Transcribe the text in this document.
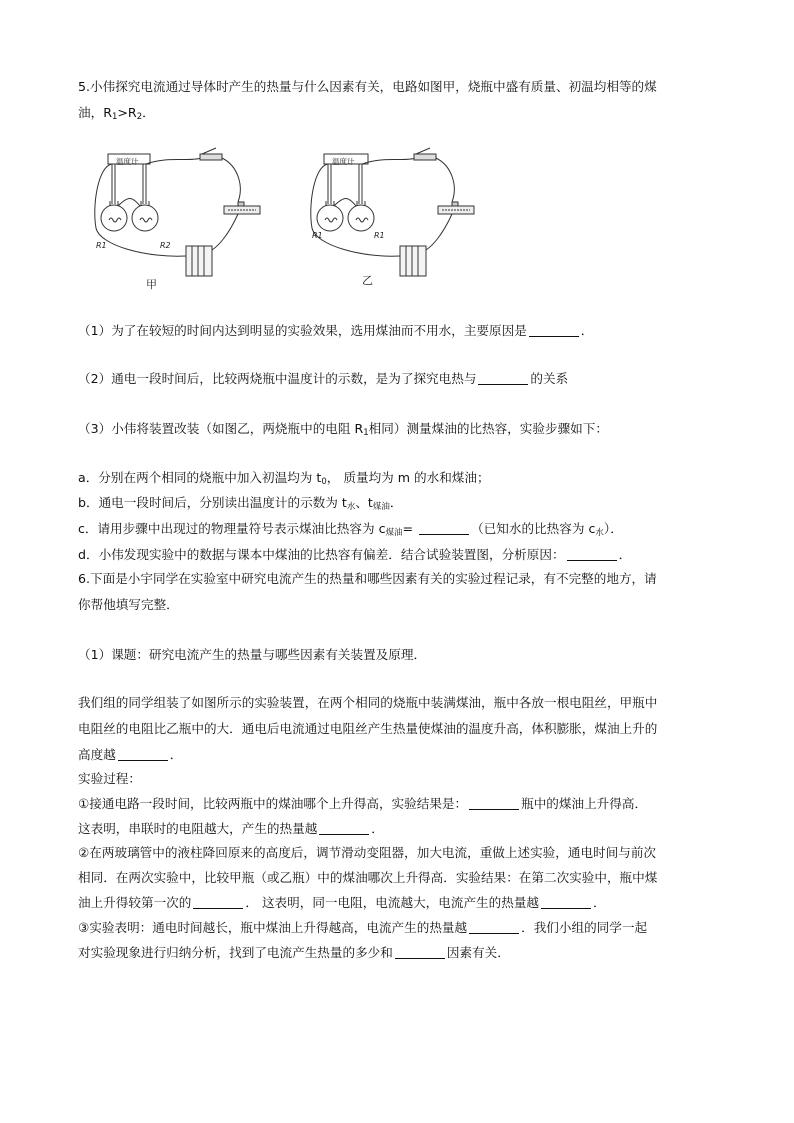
5.小伟探究电流通过导体时产生的热量与什么因素有关，电路如图甲，烧瓶中盛有质量、初温均相等的煤
油，$R_1>R_2$．
温度计
R1	R2
甲
温度计
R1	R1
乙
（1）为了在较短的时间内达到明显的实验效果，选用煤油而不用水，主要原因是	．
（2）通电一段时间后，比较两烧瓶中温度计的示数，是为了探究电热与	的关系
（3）小伟将装置改装（如图乙，两烧瓶中的电阻 $R_1$相同）测量煤油的比热容，实验步骤如下：
a．分别在两个相同的烧瓶中加入初温均为 $t_0$， 质量均为 m 的水和煤油；
b．通电一段时间后，分别读出温度计的示数为 $t_水$、$t_{煤油}$．
c．请用步骤中出现过的物理量符号表示煤油比热容为 $c_{煤油}=$	（已知水的比热容为 $c_水$）．
d．小伟发现实验中的数据与课本中煤油的比热容有偏差．结合试验装置图，分析原因：	．
6.下面是小宇同学在实验室中研究电流产生的热量和哪些因素有关的实验过程记录，有不完整的地方，请
你帮他填写完整．
（1）课题：研究电流产生的热量与哪些因素有关装置及原理．
我们组的同学组装了如图所示的实验装置，在两个相同的烧瓶中装满煤油，瓶中各放一根电阻丝，甲瓶中
电阻丝的电阻比乙瓶中的大．通电后电流通过电阻丝产生热量使煤油的温度升高，体积膨胀，煤油上升的
高度越	．
实验过程：
①接通电路一段时间，比较两瓶中的煤油哪个上升得高，实验结果是：	瓶中的煤油上升得高．
这表明，串联时的电阻越大，产生的热量越	．
②在两玻璃管中的液柱降回原来的高度后，调节滑动变阻器，加大电流，重做上述实验，通电时间与前次
相同．在两次实验中，比较甲瓶（或乙瓶）中的煤油哪次上升得高．实验结果：在第二次实验中，瓶中煤
油上升得较第一次的	． 这表明，同一电阻，电流越大，电流产生的热量越	．
③实验表明：通电时间越长，瓶中煤油上升得越高，电流产生的热量越	．我们小组的同学一起
对实验现象进行归纳分析，找到了电流产生热量的多少和	因素有关．
